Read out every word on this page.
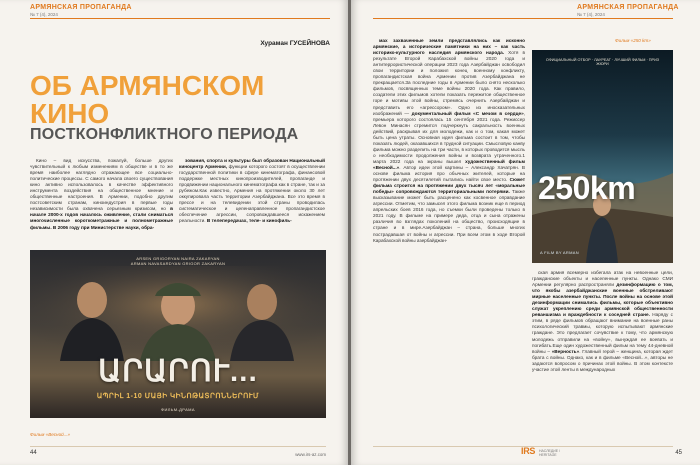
АРМЯНСКАЯ ПРОПАГАНДА
№ 7 (4), 2024
Хураман ГУСЕЙНОВА
ОБ АРМЯНСКОМ
КИНО
ПОСТКОНФЛИКТНОГО ПЕРИОДА

Кино – вид искусства, пожалуй, больше других чувствительный к любым изменениям в обществе и в то же время наиболее наглядно отражающее все социально-политические процессы. С самого начала своего существования кино активно использовалось в качестве эффективного инструмента воздействия на общественное мнение и общественные настроения. В Армении, подобно другим постсоветским странам, киноиндустрия в первые годы независимости была охвачена серьезным кризисом, но в начале 2000-х годов началось оживление, стали сниматься многочисленные короткометражные и полнометражные фильмы. В 2006 году при Министерстве науки, обра-

зования, спорта и культуры был образован Национальный киноцентр Армении, функции которого состоят в осуществлении государственной политики в сфере кинематографа, финансовой поддержке местных кинопроизводителей, пропаганде и продвижении национального кинематографа как в стране, так и за рубежом.Как известно, Армения на протяжении около 30 лет оккупировала часть территории Азербайджана. Все это время в прессе и на телевидении этой страны проводилась систематическое и целенаправленное пропагандистское обеспечение агрессии, сопровождавшееся искажением реальности. В телепередачах, теле- и кинофиль-

ARSEN GRIGORYAN NAIRA ZAKARYAN
ARMAN NAVASARDYAN GRIGOR ZAKARYAN
ԱՐԱՐՈՒ...
ԱՊՐԻԼ 1-10 ՄԱՅԻ ԿԻՆՈԹԱՏՐՈՆՆԵՐՈՒՄ
ФИЛЬМ-ДРАМА
Фильм «Весной...»
44	www.irs-az.com
АРМЯНСКАЯ ПРОПАГАНДА
№ 7 (4), 2024

мах захваченные земли представлялись как исконно армянские, а исторические памятники на них – как часть историко-культурного наследия армянского народа. Хотя в результате Второй Карабахской войны 2020 года и антитеррористической операции 2023 года Азербайджан освободил свои территории и положил конец военному конфликту, пропагандистская война Армении против Азербайджана не прекращается.За последние годы в Армении было снято несколько фильмов, посвященных теме войны 2020 года. Как правило, создатели этих фильмов хотели показать пережитое общественное горе и мотивы этой войны, стремясь очернить Азербайджан и представить его «агрессором». Одно из иносказательных изображений — документальный фильм «С мечом в сердце», премьера которого состоялась 15 сентября 2021 года. Режиссер Левон Минасян стремится подчеркнуть сакральность военных действий, раскрывая их для молодежи, как и о том, какая может быть цена утраты. Основная идея фильма состоит в том, чтобы показать людей, оказавшихся в трудной ситуации. Смысловую канву фильма можно разделить на три части, в которых проводится мысль о необходимости продолжения войны и возврата утраченного.1 марта 2022 года на экраны вышел художественный фильм «Весной...». Автор идеи этой картины – Александр Хачатрян. В основе фильма история про обычных жителей, которые на протяжении двух десятилетий пытались найти свое место. Сюжет фильма строится на протяжении двух тысяч лет «моральные победы» сопровождаются территориальными потерями. Также высказывание может быть расценено как косвенное оправдание агрессии. Отметим, что замысел этого фильма возник еще в период апрельских боев 2016 года, но съемки были проведены только в 2021 году. В фильме на примере деда, отца и сына отражены различия во взглядах поколений на общество, происходящие в стране и в мире.Азербайджан – страна, больше многих пострадавшая от войны и агрессии. При всем этом в ходе Второй Карабахской войны азербайджан-

Фильм «250 km»
ОФИЦИАЛЬНЫЙ ОТБОР · ЛАУРЕАТ · ЛУЧШИЙ ФИЛЬМ · ПРИЗ ЖЮРИ
250km
A FILM BY ARMAN

ская армия всемерно избегала атак на невоенные цели, гражданские объекты и населенные пункты. Однако СМИ Армении регулярно распространяли дезинформацию о том, что якобы азербайджанские военные обстреливают мирные населенные пункты. После войны на основе этой дезинформации снимались фильмы, которые объективно служат укреплению среди армянской общественности реваншизма и враждебности к соседней стране. Наряду с этим, в ряде фильмов обращают внимание на военные раны психологический травмы, которую испытывают армянские граждане. Это предлагает сочувствие к тому, что армянскую молодежь отправили на «войну», вынуждая ее воевать и погибать.Еще один художественный фильм на тему 44-дневной войны – «Верность». Главный герой – женщина, которая ждет брата с войны. Однако, как и в фильме «Весной...», авторы не задаются вопросом о причинах этой войны. В этом контексте участие этой ленты в международных

IRS НАСЛЕДИЕ / HERITAGE	45
